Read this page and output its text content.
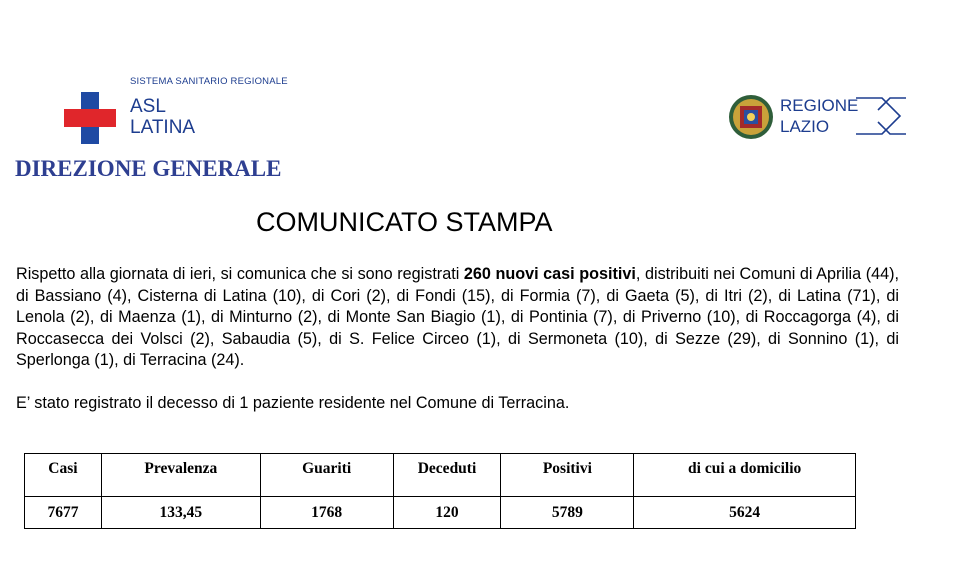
SISTEMA SANITARIO REGIONALE
ASL
LATINA
REGIONE
LAZIO
DIREZIONE GENERALE
COMUNICATO STAMPA
Rispetto alla giornata di ieri, si comunica che si sono registrati 260 nuovi casi positivi, distribuiti nei Comuni di Aprilia (44), di Bassiano (4), Cisterna di Latina (10), di Cori (2), di Fondi (15), di Formia (7), di Gaeta (5), di Itri (2), di Latina (71), di Lenola (2), di Maenza (1), di Minturno (2), di Monte San Biagio (1), di Pontinia (7), di Priverno (10), di Roccagorga (4), di Roccasecca dei Volsci (2), Sabaudia (5), di S. Felice Circeo (1), di Sermoneta (10), di Sezze (29), di Sonnino (1), di Sperlonga (1), di Terracina (24).
E’ stato registrato il decesso di 1 paziente residente nel Comune di Terracina.
Casi	Prevalenza	Guariti	Deceduti	Positivi	di cui a domicilio
7677	133,45	1768	120	5789	5624
